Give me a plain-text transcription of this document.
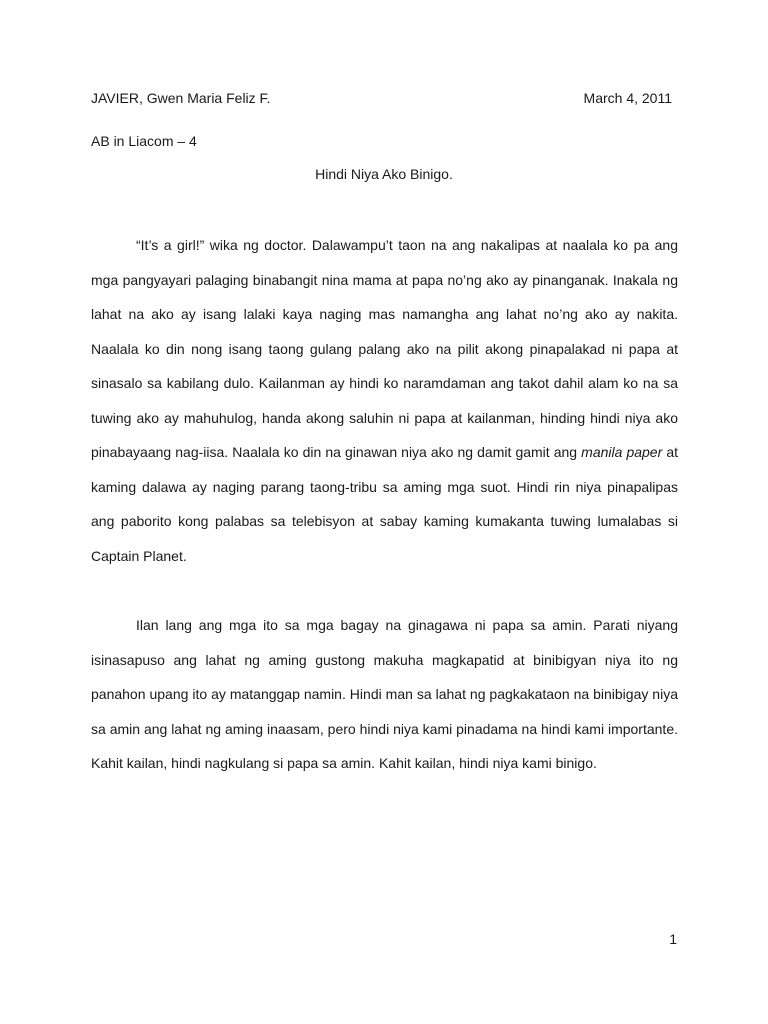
JAVIER, Gwen Maria Feliz F.	March 4, 2011
AB in Liacom – 4
Hindi Niya Ako Binigo.

“It’s a girl!” wika ng doctor. Dalawampu’t taon na ang nakalipas at naalala ko pa ang mga pangyayari palaging binabangit nina mama at papa no’ng ako ay pinanganak. Inakala ng lahat na ako ay isang lalaki kaya naging mas namangha ang lahat no’ng ako ay nakita. Naalala ko din nong isang taong gulang palang ako na pilit akong pinapalakad ni papa at sinasalo sa kabilang dulo. Kailanman ay hindi ko naramdaman ang takot dahil alam ko na sa tuwing ako ay mahuhulog, handa akong saluhin ni papa at kailanman, hinding hindi niya ako pinabayaang nag-iisa. Naalala ko din na ginawan niya ako ng damit gamit ang manila paper at kaming dalawa ay naging parang taong-tribu sa aming mga suot. Hindi rin niya pinapalipas ang paborito kong palabas sa telebisyon at sabay kaming kumakanta tuwing lumalabas si Captain Planet.

Ilan lang ang mga ito sa mga bagay na ginagawa ni papa sa amin. Parati niyang isinasapuso ang lahat ng aming gustong makuha magkapatid at binibigyan niya ito ng panahon upang ito ay matanggap namin. Hindi man sa lahat ng pagkakataon na binibigay niya sa amin ang lahat ng aming inaasam, pero hindi niya kami pinadama na hindi kami importante. Kahit kailan, hindi nagkulang si papa sa amin. Kahit kailan, hindi niya kami binigo.

1
